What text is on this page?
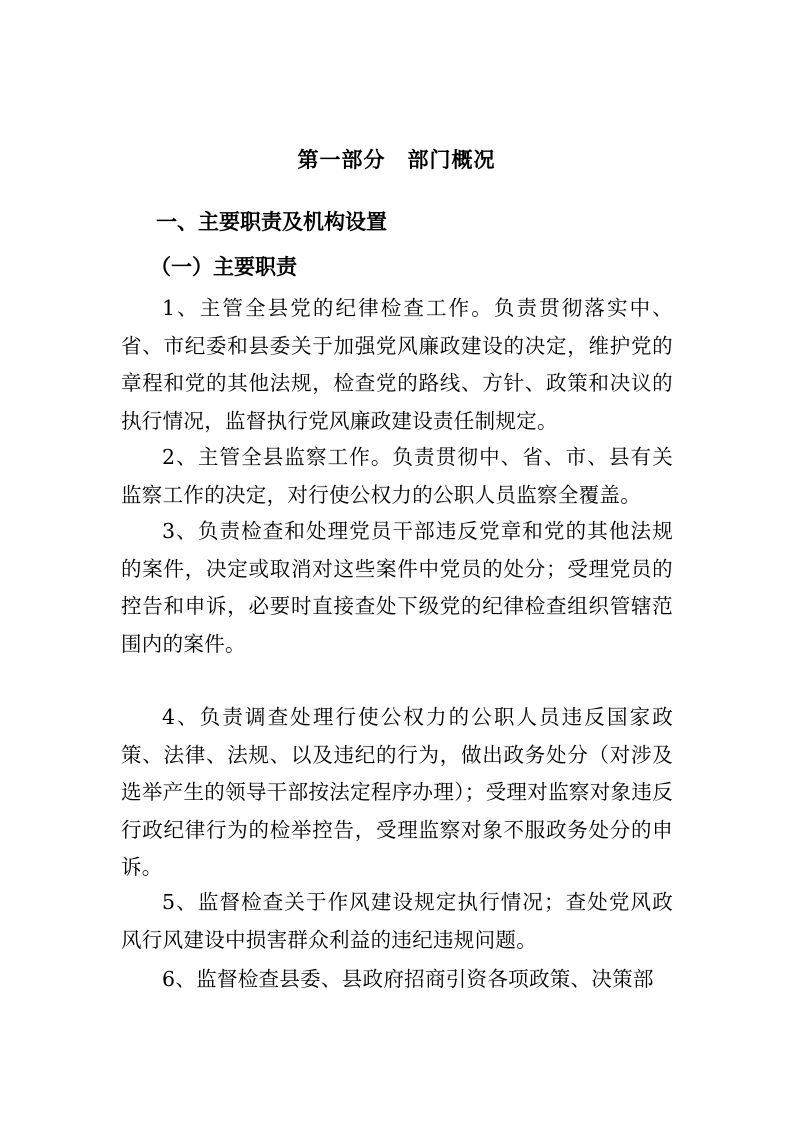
第一部分　部门概况
一、主要职责及机构设置
（一）主要职责

1、主管全县党的纪律检查工作。负责贯彻落实中、省、市纪委和县委关于加强党风廉政建设的决定，维护党的章程和党的其他法规，检查党的路线、方针、政策和决议的执行情况，监督执行党风廉政建设责任制规定。

2、主管全县监察工作。负责贯彻中、省、市、县有关监察工作的决定，对行使公权力的公职人员监察全覆盖。

3、负责检查和处理党员干部违反党章和党的其他法规的案件，决定或取消对这些案件中党员的处分；受理党员的控告和申诉，必要时直接查处下级党的纪律检查组织管辖范围内的案件。

4、负责调查处理行使公权力的公职人员违反国家政策、法律、法规、以及违纪的行为，做出政务处分（对涉及选举产生的领导干部按法定程序办理）；受理对监察对象违反行政纪律行为的检举控告，受理监察对象不服政务处分的申诉。

5、监督检查关于作风建设规定执行情况；查处党风政风行风建设中损害群众利益的违纪违规问题。

6、监督检查县委、县政府招商引资各项政策、决策部
